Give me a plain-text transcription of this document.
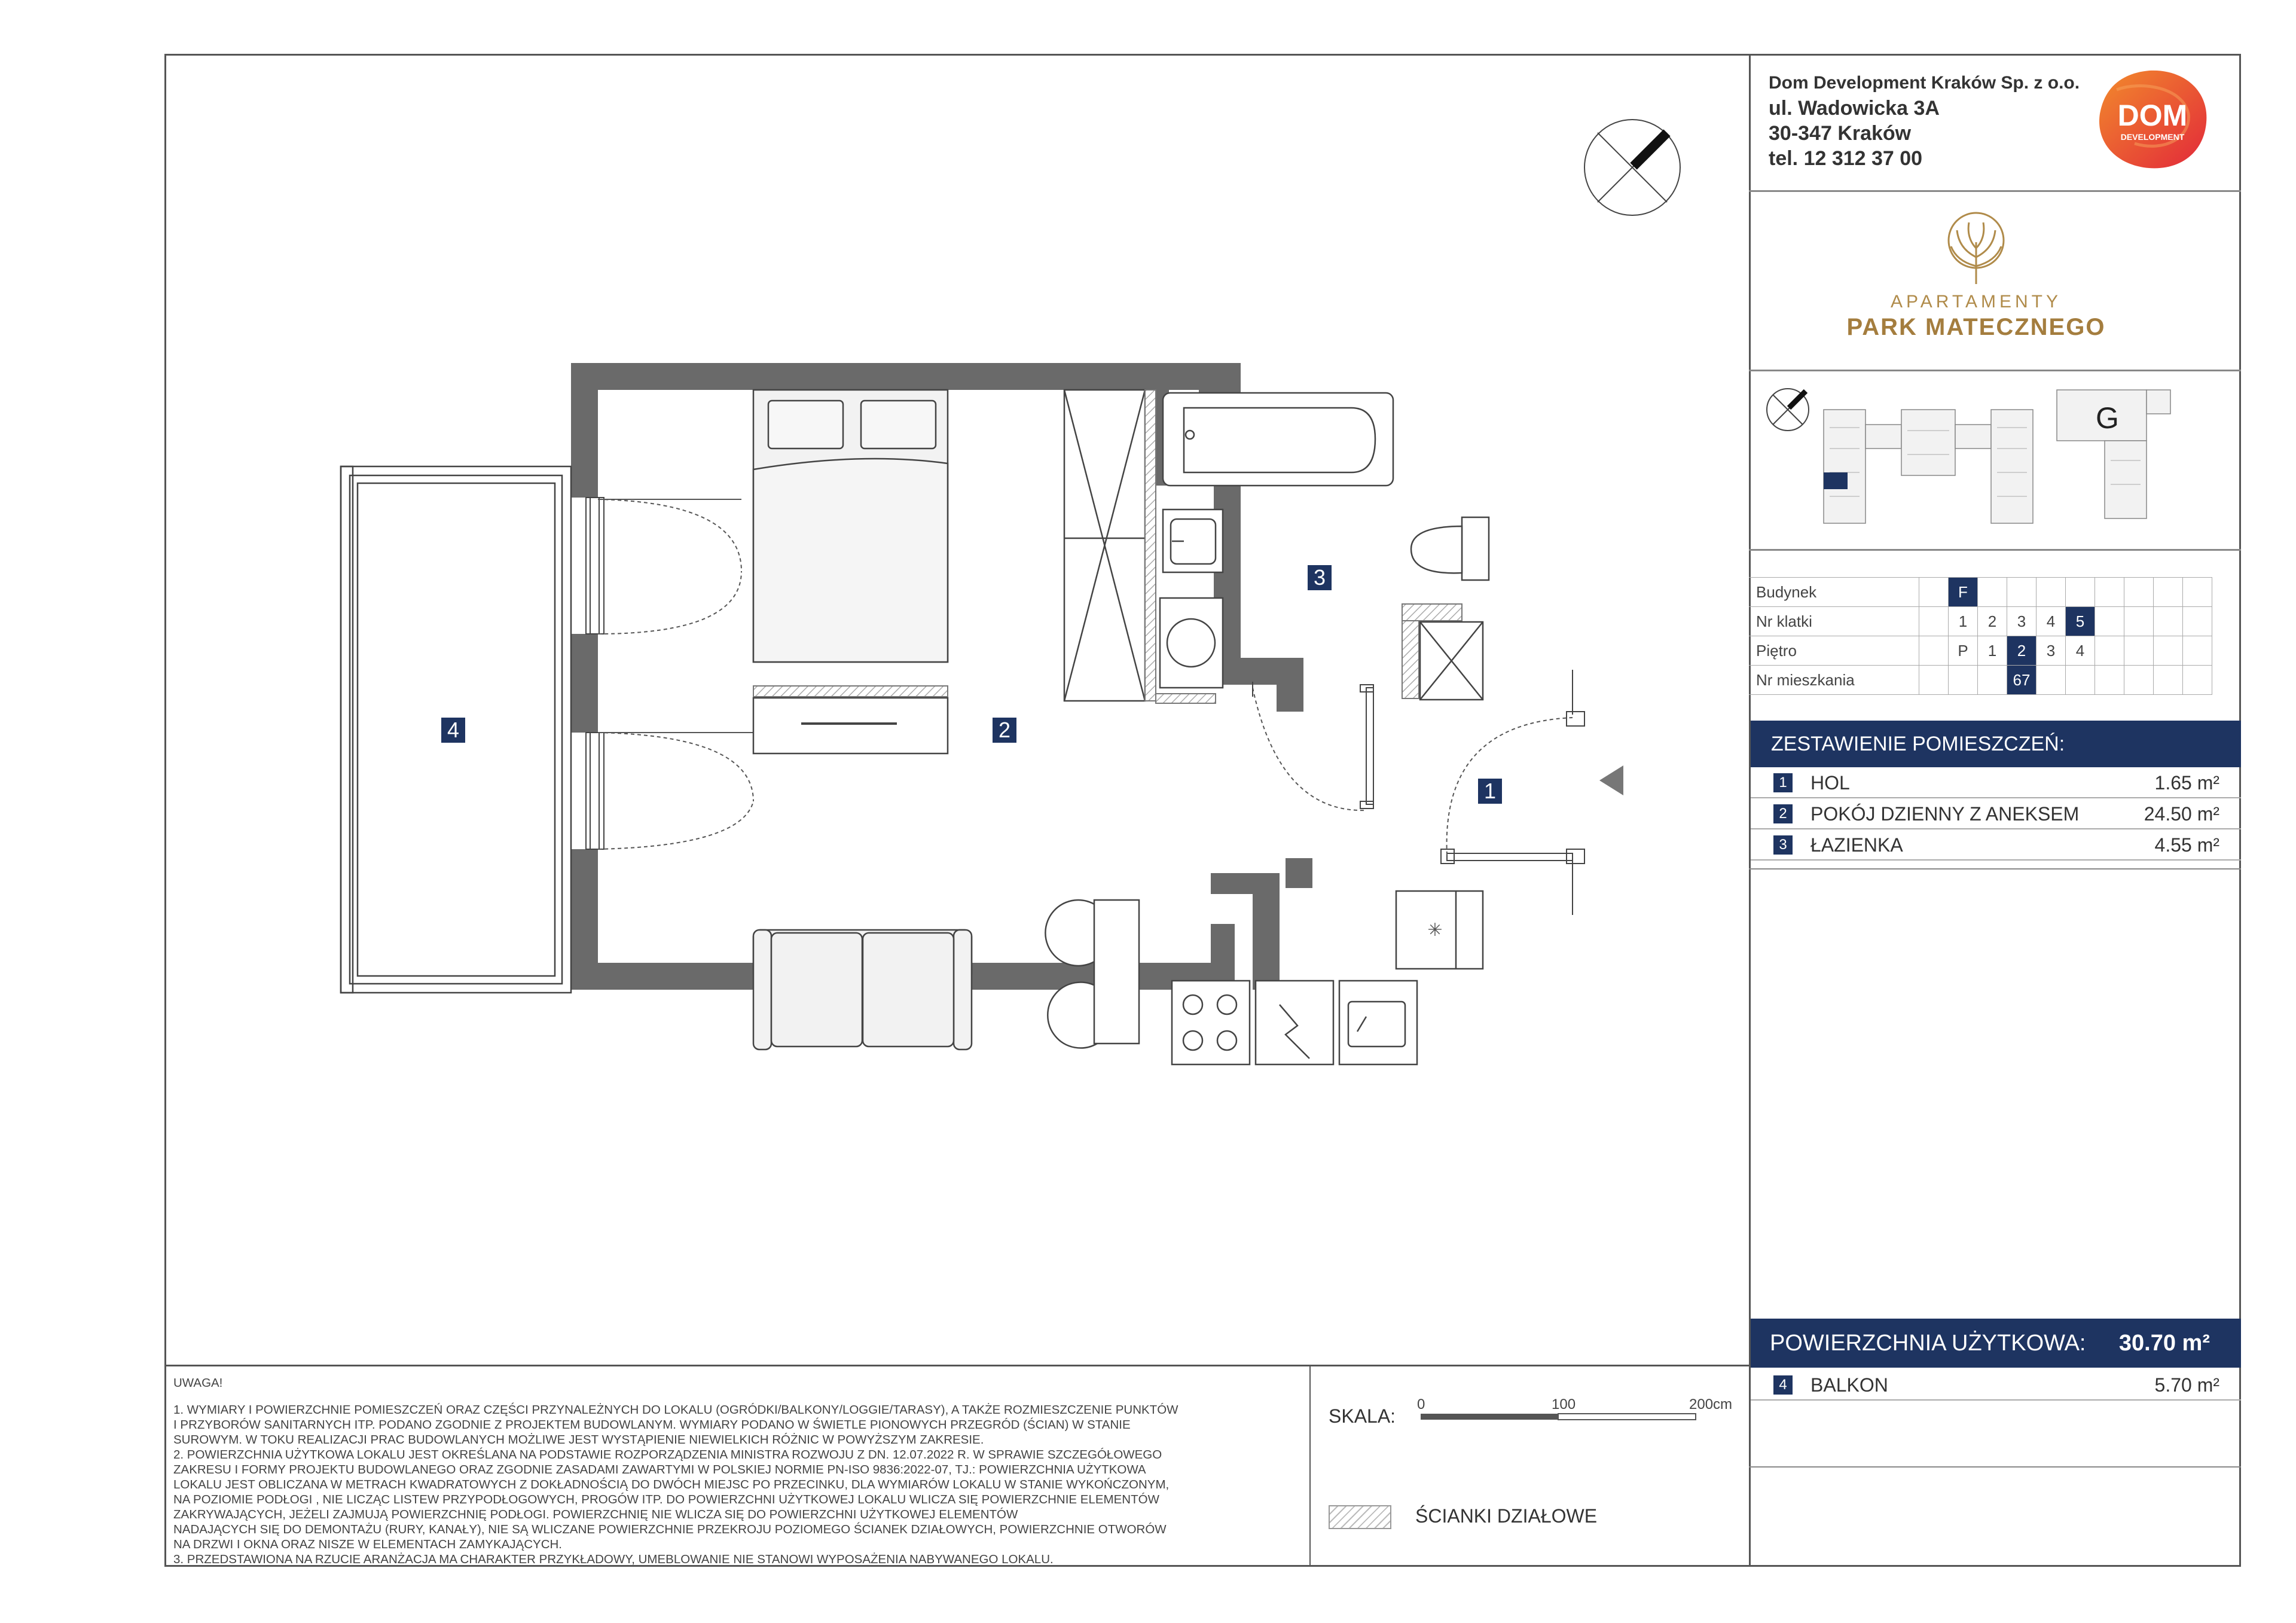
Dom Development Kraków Sp. z o.o.
ul. Wadowicka 3A
30-347 Kraków
tel. 12 312 37 00
DOM
DEVELOPMENT
APARTAMENTY
PARK MATECZNEGO
G
Budynek		F								
Nr klatki		1	2	3	4	5				
Piętro		P	1	2	3	4				
Nr mieszkania				67						
ZESTAWIENIE POMIESZCZEŃ:
1 HOL	1.65 m²
2 POKÓJ DZIENNY Z ANEKSEM	24.50 m²
3 ŁAZIENKA	4.55 m²
POWIERZCHNIA UŻYTKOWA: 30.70 m²
4 BALKON	5.70 m²

UWAGA!

1. WYMIARY I POWIERZCHNIE POMIESZCZEŃ ORAZ CZĘŚCI PRZYNALEŻNYCH DO LOKALU (OGRÓDKI/BALKONY/LOGGIE/TARASY), A TAKŻE ROZMIESZCZENIE PUNKTÓW

I PRZYBORÓW SANITARNYCH ITP. PODANO ZGODNIE Z PROJEKTEM BUDOWLANYM. WYMIARY PODANO W ŚWIETLE PIONOWYCH PRZEGRÓD (ŚCIAN) W STANIE

SUROWYM. W TOKU REALIZACJI PRAC BUDOWLANYCH MOŻLIWE JEST WYSTĄPIENIE NIEWIELKICH RÓŻNIC W POWYŻSZYM ZAKRESIE.

2. POWIERZCHNIA UŻYTKOWA LOKALU JEST OKREŚLANA NA PODSTAWIE ROZPORZĄDZENIA MINISTRA ROZWOJU Z DN. 12.07.2022 R. W SPRAWIE SZCZEGÓŁOWEGO

ZAKRESU I FORMY PROJEKTU BUDOWLANEGO ORAZ ZGODNIE ZASADAMI ZAWARTYMI W POLSKIEJ NORMIE PN-ISO 9836:2022-07, TJ.: POWIERZCHNIA UŻYTKOWA

LOKALU JEST OBLICZANA W METRACH KWADRATOWYCH Z DOKŁADNOŚCIĄ DO DWÓCH MIEJSC PO PRZECINKU, DLA WYMIARÓW LOKALU W STANIE WYKOŃCZONYM,

NA POZIOMIE PODŁOGI , NIE LICZĄC LISTEW PRZYPODŁOGOWYCH, PROGÓW ITP. DO POWIERZCHNI UŻYTKOWEJ LOKALU WLICZA SIĘ POWIERZCHNIE ELEMENTÓW

ZAKRYWAJĄCYCH, JEŻELI ZAJMUJĄ POWIERZCHNIĘ PODŁOGI. POWIERZCHNIĘ NIE WLICZA SIĘ DO POWIERZCHNI UŻYTKOWEJ ELEMENTÓW

NADAJĄCYCH SIĘ DO DEMONTAŻU (RURY, KANAŁY), NIE SĄ WLICZANE POWIERZCHNIE PRZEKROJU POZIOMEGO ŚCIANEK DZIAŁOWYCH, POWIERZCHNIE OTWORÓW

NA DRZWI I OKNA ORAZ NISZE W ELEMENTACH ZAMYKAJĄCYCH.

3. PRZEDSTAWIONA NA RZUCIE ARANŻACJA MA CHARAKTER PRZYKŁADOWY, UMEBLOWANIE NIE STANOWI WYPOSAŻENIA NABYWANEGO LOKALU.

SKALA:
0	100	200cm
ŚCIANKI DZIAŁOWE
✳
1
2
3
4
